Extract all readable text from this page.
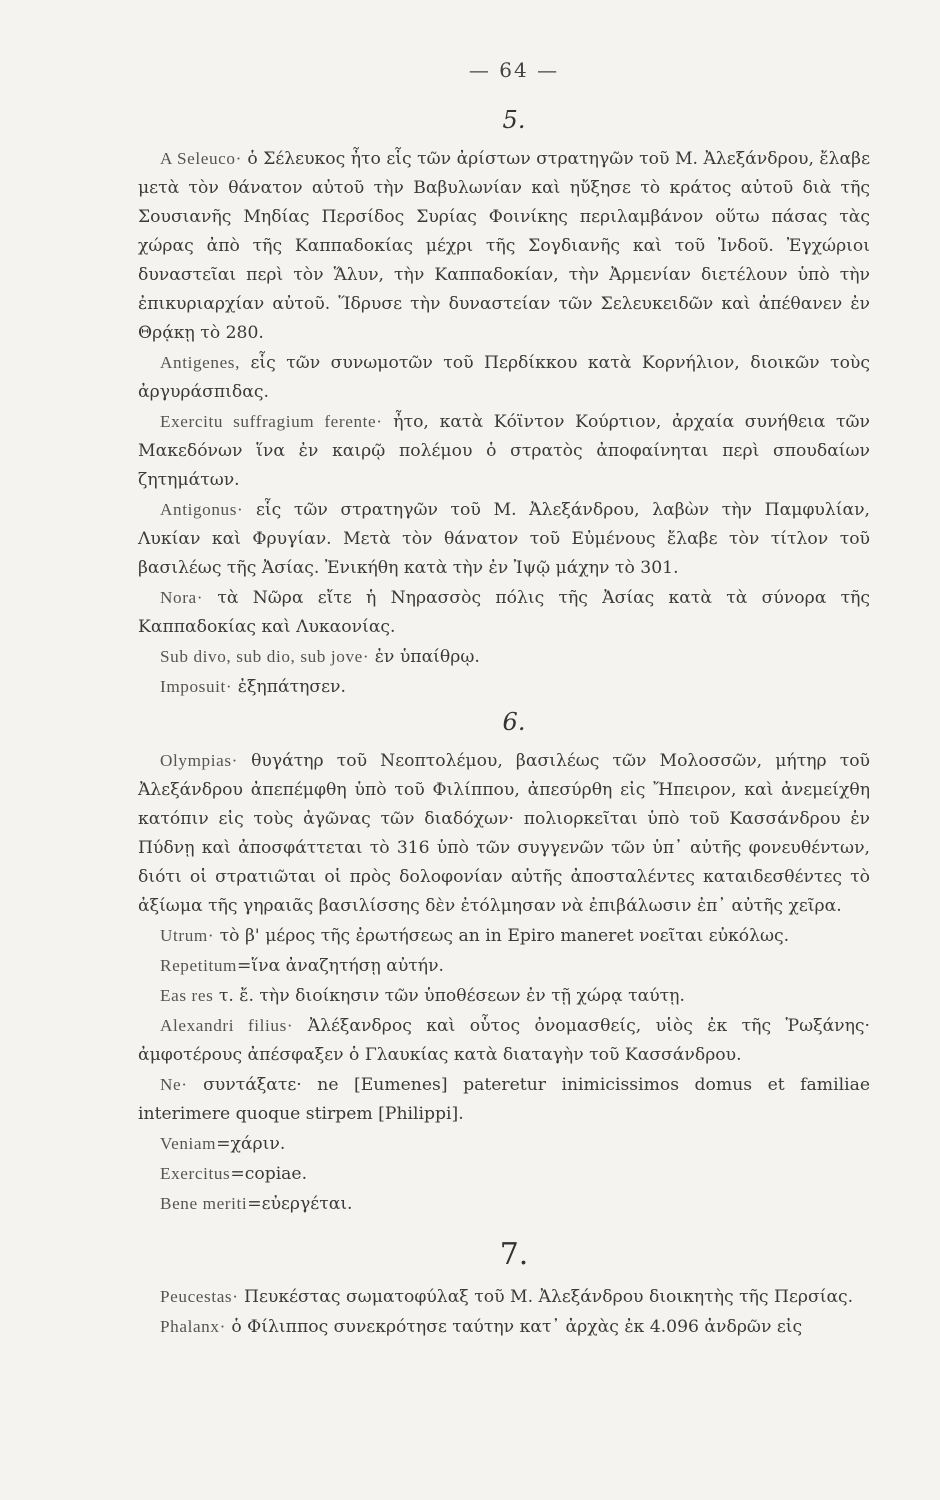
— 64 —
5.

A Seleuco· ὁ Σέλευκος ἦτο εἷς τῶν ἀρίστων στρατηγῶν τοῦ Μ. Ἀλεξάνδρου, ἔλαβε μετὰ τὸν θάνατον αὐτοῦ τὴν Βαβυλωνίαν καὶ ηὔξησε τὸ κράτος αὐτοῦ διὰ τῆς Σουσιανῆς Μηδίας Περσίδος Συρίας Φοινίκης περιλαμβάνον οὕτω πάσας τὰς χώρας ἀπὸ τῆς Καππαδοκίας μέχρι τῆς Σογδιανῆς καὶ τοῦ Ἰνδοῦ. Ἐγχώριοι δυναστεῖαι περὶ τὸν Ἅλυν, τὴν Καππαδοκίαν, τὴν Ἀρμενίαν διετέλουν ὑπὸ τὴν ἐπικυριαρχίαν αὐτοῦ. Ἵδρυσε τὴν δυναστείαν τῶν Σελευκειδῶν καὶ ἀπέθανεν ἐν Θρᾴκῃ τὸ 280.

Antigenes, εἷς τῶν συνωμοτῶν τοῦ Περδίκκου κατὰ Κορνήλιον, διοικῶν τοὺς ἀργυράσπιδας.

Exercitu suffragium ferente· ἦτο, κατὰ Κόϊντον Κούρτιον, ἀρχαία συνήθεια τῶν Μακεδόνων ἵνα ἐν καιρῷ πολέμου ὁ στρατὸς ἀποφαίνηται περὶ σπουδαίων ζητημάτων.

Antigonus· εἷς τῶν στρατηγῶν τοῦ Μ. Ἀλεξάνδρου, λαβὼν τὴν Παμφυλίαν, Λυκίαν καὶ Φρυγίαν. Μετὰ τὸν θάνατον τοῦ Εὐμένους ἔλαβε τὸν τίτλον τοῦ βασιλέως τῆς Ἀσίας. Ἐνικήθη κατὰ τὴν ἐν Ἰψῷ μάχην τὸ 301.

Nora· τὰ Νῶρα εἴτε ἡ Νηρασσὸς πόλις τῆς Ἀσίας κατὰ τὰ σύνορα τῆς Καππαδοκίας καὶ Λυκαονίας.

Sub divo, sub dio, sub jove· ἐν ὑπαίθρῳ.

Imposuit· ἐξηπάτησεν.

6.

Olympias· θυγάτηρ τοῦ Νεοπτολέμου, βασιλέως τῶν Μολοσσῶν, μήτηρ τοῦ Ἀλεξάνδρου ἀπεπέμφθη ὑπὸ τοῦ Φιλίππου, ἀπεσύρθη εἰς Ἤπειρον, καὶ ἀνεμείχθη κατόπιν εἰς τοὺς ἀγῶνας τῶν διαδόχων· πολιορκεῖται ὑπὸ τοῦ Κασσάνδρου ἐν Πύδνῃ καὶ ἀποσφάττεται τὸ 316 ὑπὸ τῶν συγγενῶν τῶν ὑπ᾽ αὐτῆς φονευθέντων, διότι οἱ στρατιῶται οἱ πρὸς δολοφονίαν αὐτῆς ἀποσταλέντες καταιδεσθέντες τὸ ἀξίωμα τῆς γηραιᾶς βασιλίσσης δὲν ἐτόλμησαν νὰ ἐπιβάλωσιν ἐπ᾽ αὐτῆς χεῖρα.

Utrum· τὸ β' μέρος τῆς ἐρωτήσεως an in Epiro maneret νοεῖται εὐκόλως.

Repetitum=ἵνα ἀναζητήσῃ αὐτήν.

Eas res τ. ἔ. τὴν διοίκησιν τῶν ὑποθέσεων ἐν τῇ χώρᾳ ταύτῃ.

Alexandri filius· Ἀλέξανδρος καὶ οὗτος ὀνομασθείς, υἱὸς ἐκ τῆς Ῥωξάνης· ἀμφοτέρους ἀπέσφαξεν ὁ Γλαυκίας κατὰ διαταγὴν τοῦ Κασσάνδρου.

Ne· συντάξατε· ne [Eumenes] pateretur inimicissimos domus et familiae interimere quoque stirpem [Philippi].

Veniam=χάριν.

Exercitus=copiae.

Bene meriti=εὐεργέται.

7.

Peucestas· Πευκέστας σωματοφύλαξ τοῦ Μ. Ἀλεξάνδρου διοικητὴς τῆς Περσίας.

Phalanx· ὁ Φίλιππος συνεκρότησε ταύτην κατ᾽ ἀρχὰς ἐκ 4.096 ἀνδρῶν εἰς
